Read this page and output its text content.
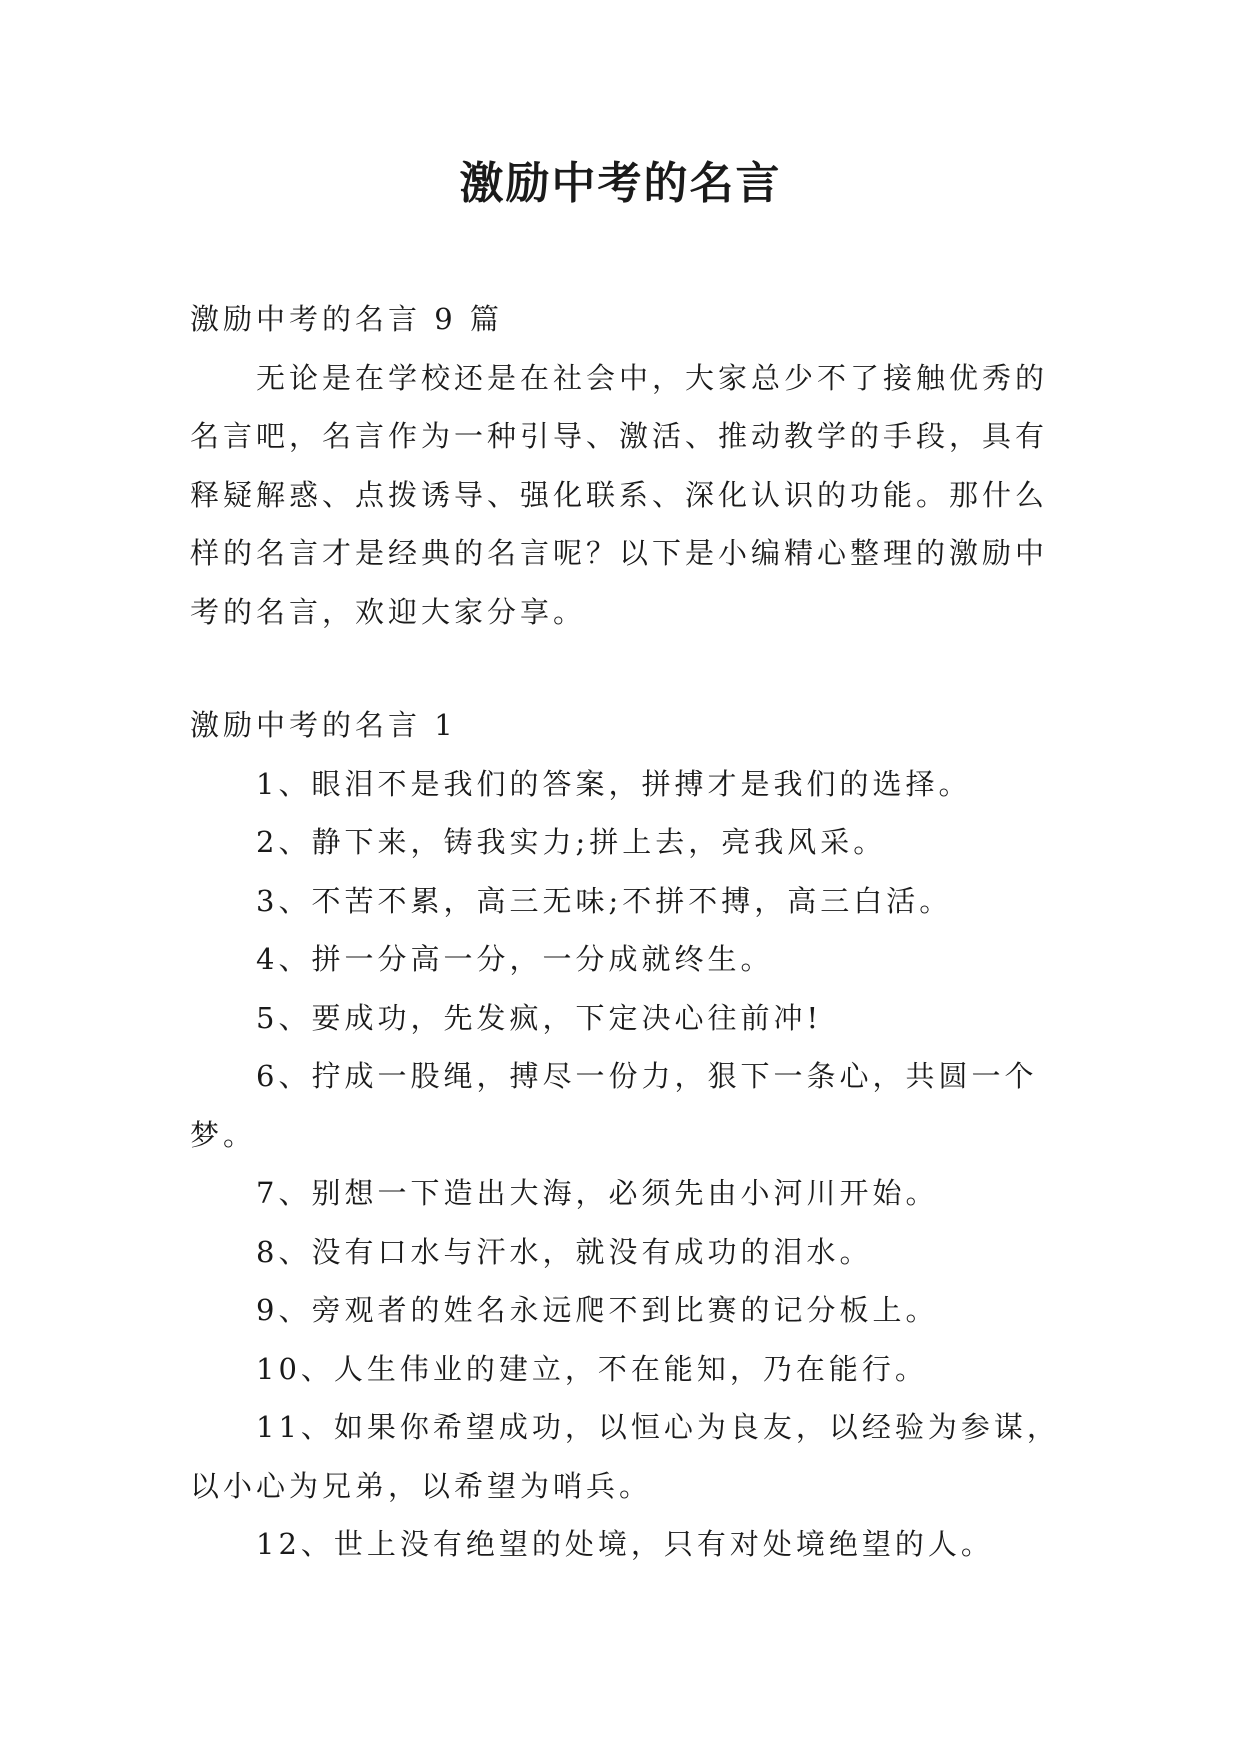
激励中考的名言

激励中考的名言 9 篇

无论是在学校还是在社会中，大家总少不了接触优秀的名言吧，名言作为一种引导、激活、推动教学的手段，具有释疑解惑、点拨诱导、强化联系、深化认识的功能。那什么样的名言才是经典的名言呢？以下是小编精心整理的激励中考的名言，欢迎大家分享。

激励中考的名言 1

1、眼泪不是我们的答案，拼搏才是我们的选择。
2、静下来，铸我实力;拼上去，亮我风采。
3、不苦不累，高三无味;不拼不搏，高三白活。
4、拼一分高一分，一分成就终生。
5、要成功，先发疯，下定决心往前冲!
6、拧成一股绳，搏尽一份力，狠下一条心，共圆一个梦。
7、别想一下造出大海，必须先由小河川开始。
8、没有口水与汗水，就没有成功的泪水。
9、旁观者的姓名永远爬不到比赛的记分板上。
10、人生伟业的建立，不在能知，乃在能行。
11、如果你希望成功，以恒心为良友，以经验为参谋，以小心为兄弟，以希望为哨兵。
12、世上没有绝望的处境，只有对处境绝望的人。
